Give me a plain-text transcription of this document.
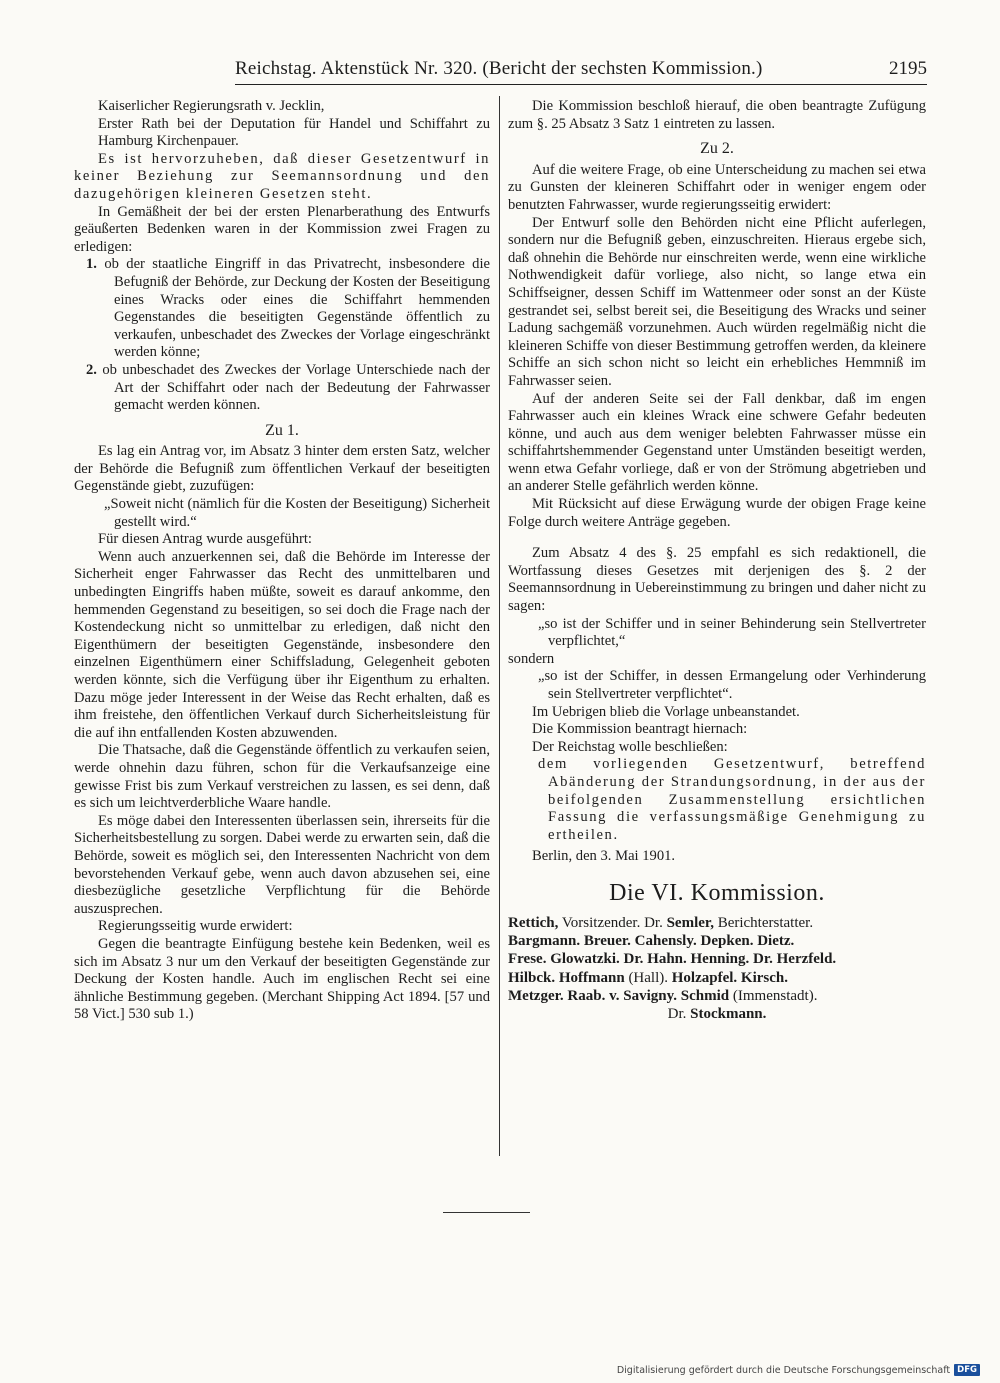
Reichstag. Aktenstück Nr. 320. (Bericht der sechsten Kommission.)	2195

Kaiserlicher Regierungsrath v. Jecklin,

Erster Rath bei der Deputation für Handel und Schiffahrt zu Hamburg Kirchenpauer.

Es ist hervorzuheben, daß dieser Gesetzentwurf in keiner Beziehung zur Seemannsordnung und den dazugehörigen kleineren Gesetzen steht.

In Gemäßheit der bei der ersten Plenarberathung des Entwurfs geäußerten Bedenken waren in der Kommission zwei Fragen zu erledigen:

1. ob der staatliche Eingriff in das Privatrecht, insbesondere die Befugniß der Behörde, zur Deckung der Kosten der Beseitigung eines Wracks oder eines die Schiffahrt hemmenden Gegenstandes die beseitigten Gegenstände öffentlich zu verkaufen, unbeschadet des Zweckes der Vorlage eingeschränkt werden könne;

2. ob unbeschadet des Zweckes der Vorlage Unterschiede nach der Art der Schiffahrt oder nach der Bedeutung der Fahrwasser gemacht werden können.

Zu 1.

Es lag ein Antrag vor, im Absatz 3 hinter dem ersten Satz, welcher der Behörde die Befugniß zum öffentlichen Verkauf der beseitigten Gegenstände giebt, zuzufügen:

„Soweit nicht (nämlich für die Kosten der Beseitigung) Sicherheit gestellt wird.“

Für diesen Antrag wurde ausgeführt:

Wenn auch anzuerkennen sei, daß die Behörde im Interesse der Sicherheit enger Fahrwasser das Recht des unmittelbaren und unbedingten Eingriffs haben müßte, soweit es darauf ankomme, den hemmenden Gegenstand zu beseitigen, so sei doch die Frage nach der Kostendeckung nicht so unmittelbar zu erledigen, daß nicht den Eigenthümern der beseitigten Gegenstände, insbesondere den einzelnen Eigenthümern einer Schiffsladung, Gelegenheit geboten werden könnte, sich die Verfügung über ihr Eigenthum zu erhalten. Dazu möge jeder Interessent in der Weise das Recht erhalten, daß es ihm freistehe, den öffentlichen Verkauf durch Sicherheitsleistung für die auf ihn entfallenden Kosten abzuwenden.

Die Thatsache, daß die Gegenstände öffentlich zu verkaufen seien, werde ohnehin dazu führen, schon für die Verkaufsanzeige eine gewisse Frist bis zum Verkauf verstreichen zu lassen, es sei denn, daß es sich um leichtverderbliche Waare handle.

Es möge dabei den Interessenten überlassen sein, ihrerseits für die Sicherheitsbestellung zu sorgen. Dabei werde zu erwarten sein, daß die Behörde, soweit es möglich sei, den Interessenten Nachricht von dem bevorstehenden Verkauf gebe, wenn auch davon abzusehen sei, eine diesbezügliche gesetzliche Verpflichtung für die Behörde auszusprechen.

Regierungsseitig wurde erwidert:

Gegen die beantragte Einfügung bestehe kein Bedenken, weil es sich im Absatz 3 nur um den Verkauf der beseitigten Gegenstände zur Deckung der Kosten handle. Auch im englischen Recht sei eine ähnliche Bestimmung gegeben. (Merchant Shipping Act 1894. [57 und 58 Vict.] 530 sub 1.)

Die Kommission beschloß hierauf, die oben beantragte Zufügung zum §. 25 Absatz 3 Satz 1 eintreten zu lassen.

Zu 2.

Auf die weitere Frage, ob eine Unterscheidung zu machen sei etwa zu Gunsten der kleineren Schiffahrt oder in weniger engem oder benutzten Fahrwasser, wurde regierungsseitig erwidert:

Der Entwurf solle den Behörden nicht eine Pflicht auferlegen, sondern nur die Befugniß geben, einzuschreiten. Hieraus ergebe sich, daß ohnehin die Behörde nur einschreiten werde, wenn eine wirkliche Nothwendigkeit dafür vorliege, also nicht, so lange etwa ein Schiffseigner, dessen Schiff im Wattenmeer oder sonst an der Küste gestrandet sei, selbst bereit sei, die Beseitigung des Wracks und seiner Ladung sachgemäß vorzunehmen. Auch würden regelmäßig nicht die kleineren Schiffe von dieser Bestimmung getroffen werden, da kleinere Schiffe an sich schon nicht so leicht ein erhebliches Hemmniß im Fahrwasser seien.

Auf der anderen Seite sei der Fall denkbar, daß im engen Fahrwasser auch ein kleines Wrack eine schwere Gefahr bedeuten könne, und auch aus dem weniger belebten Fahrwasser müsse ein schiffahrtshemmender Gegenstand unter Umständen beseitigt werden, wenn etwa Gefahr vorliege, daß er von der Strömung abgetrieben und an anderer Stelle gefährlich werden könne.

Mit Rücksicht auf diese Erwägung wurde der obigen Frage keine Folge durch weitere Anträge gegeben.

Zum Absatz 4 des §. 25 empfahl es sich redaktionell, die Wortfassung dieses Gesetzes mit derjenigen des §. 2 der Seemannsordnung in Uebereinstimmung zu bringen und daher nicht zu sagen:

„so ist der Schiffer und in seiner Behinderung sein Stellvertreter verpflichtet,“

sondern

„so ist der Schiffer, in dessen Ermangelung oder Verhinderung sein Stellvertreter verpflichtet“.

Im Uebrigen blieb die Vorlage unbeanstandet.

Die Kommission beantragt hiernach:

Der Reichstag wolle beschließen:

dem vorliegenden Gesetzentwurf, betreffend Abänderung der Strandungsordnung, in der aus der beifolgenden Zusammenstellung ersichtlichen Fassung die verfassungsmäßige Genehmigung zu ertheilen.

Berlin, den 3. Mai 1901.

Die VI. Kommission.

Rettich, Vorsitzender. Dr. Semler, Berichterstatter.

Bargmann. Breuer. Cahensly. Depken. Dietz.

Frese. Glowatzki. Dr. Hahn. Henning. Dr. Herzfeld.

Hilbck. Hoffmann (Hall). Holzapfel. Kirsch.

Metzger. Raab. v. Savigny. Schmid (Immenstadt).

Dr. Stockmann.

Digitalisierung gefördert durch die Deutsche Forschungsgemeinschaft DFG
